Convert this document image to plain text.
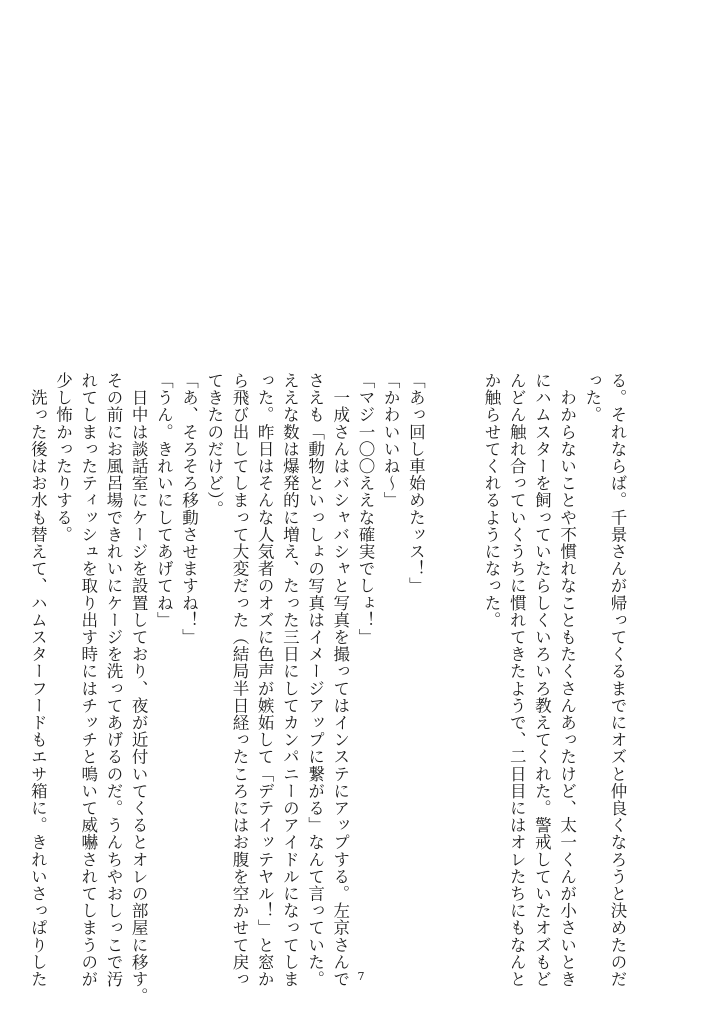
る。それならば。千景さんが帰ってくるまでにオズと仲良くなろうと決めたのだ
った。
　わからないことや不慣れなこともたくさんあったけど、太一くんが小さいとき
にハムスターを飼っていたらしくいろいろ教えてくれた。警戒していたオズもど
んどん触れ合っていくうちに慣れてきたようで、二日目にはオレたちにもなんと
か触らせてくれるようになった。

「あっ回し車始めたッス！」
「かわいいね〜」
「マジ一〇〇ええな確実でしょ！」
　一成さんはバシャバシャと写真を撮ってはインステにアップする。左京さんで
さえも「動物といっしょの写真はイメージアップに繋がる」なんて言っていた。
ええな数は爆発的に増え、たった三日にしてカンパニーのアイドルになってしま
った。昨日はそんな人気者のオズに色声が嫉妬して「デテイッテヤル！」と窓か
ら飛び出してしまって大変だった（結局半日経ったころにはお腹を空かせて戻っ
てきたのだけど）。
「あ、そろそろ移動させますね！」
「うん。きれいにしてあげてね」
　日中は談話室にケージを設置しており、夜が近付いてくるとオレの部屋に移す。
その前にお風呂場できれいにケージを洗ってあげるのだ。うんちやおしっこで汚
れてしまったティッシュを取り出す時にはチッチと鳴いて威嚇されてしまうのが
少し怖かったりする。
　洗った後はお水も替えて、ハムスターフードもエサ箱に。きれいさっぱりした	7
